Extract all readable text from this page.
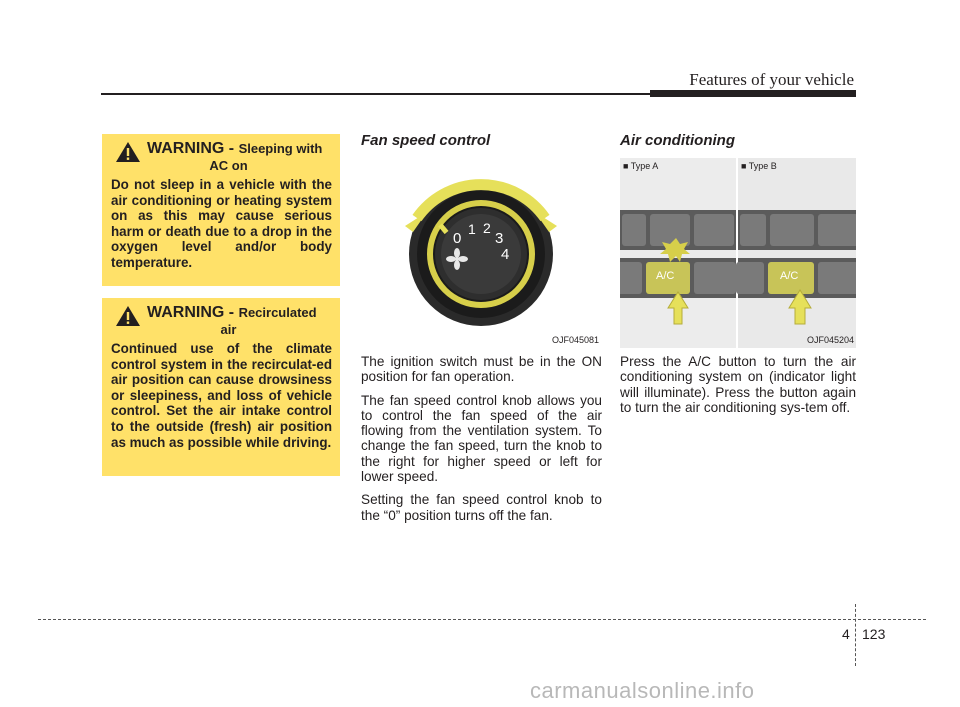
Features of your vehicle
WARNING - Sleeping with
AC on
Do not sleep in a vehicle with the air conditioning or heating system on as this may cause serious harm or death due to a drop in the oxygen level and/or body temperature.
WARNING - Recirculated
air
Continued use of the climate control system in the recirculat-ed air position can cause drowsiness or sleepiness, and loss of vehicle control. Set the air intake control to the outside (fresh) air position as much as possible while driving.
Fan speed control
0
1 2
3
4
OJF045081

The ignition switch must be in the ON position for fan operation.

The fan speed control knob allows you to control the fan speed of the air flowing from the ventilation system. To change the fan speed, turn the knob to the right for higher speed or left for lower speed.

Setting the fan speed control knob to the “0” position turns off the fan.

Air conditioning
■ Type A	■ Type B
A/C	A/C
OJF045204

Press the A/C button to turn the air conditioning system on (indicator light will illuminate). Press the button again to turn the air conditioning sys-tem off.

4 123
carmanualsonline.info
